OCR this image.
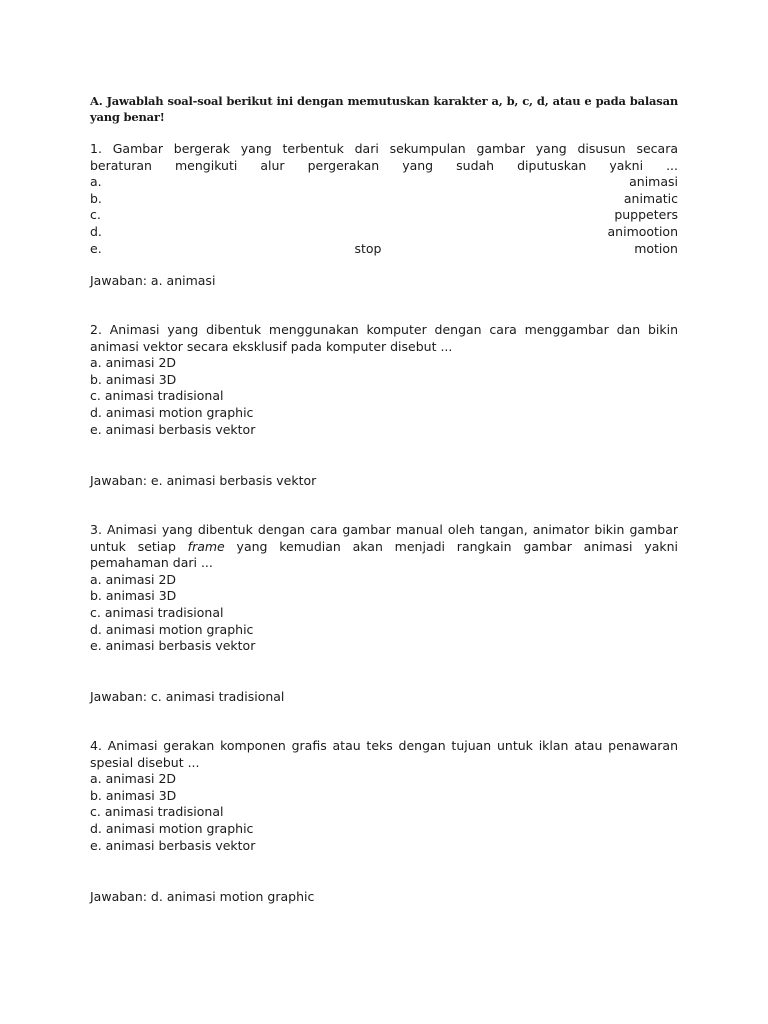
A. Jawablah soal-soal berikut ini dengan memutuskan karakter a, b, c, d, atau e pada balasan yang benar!
1. Gambar bergerak yang terbentuk dari sekumpulan gambar yang disusun secara
beraturan mengikuti alur pergerakan yang sudah diputuskan yakni ...
a.	animasi
b.	animatic
c.	puppeters
d.	animootion
e.	stop	motion
Jawaban: a. animasi
2. Animasi yang dibentuk menggunakan komputer dengan cara menggambar dan bikin animasi vektor secara eksklusif pada komputer disebut ...
a. animasi 2D
b. animasi 3D
c. animasi tradisional
d. animasi motion graphic
e. animasi berbasis vektor
Jawaban: e. animasi berbasis vektor
3. Animasi yang dibentuk dengan cara gambar manual oleh tangan, animator bikin gambar untuk setiap frame yang kemudian akan menjadi rangkain gambar animasi yakni pemahaman dari ...
a. animasi 2D
b. animasi 3D
c. animasi tradisional
d. animasi motion graphic
e. animasi berbasis vektor
Jawaban: c. animasi tradisional
4. Animasi gerakan komponen grafis atau teks dengan tujuan untuk iklan atau penawaran spesial disebut ...
a. animasi 2D
b. animasi 3D
c. animasi tradisional
d. animasi motion graphic
e. animasi berbasis vektor
Jawaban: d. animasi motion graphic
